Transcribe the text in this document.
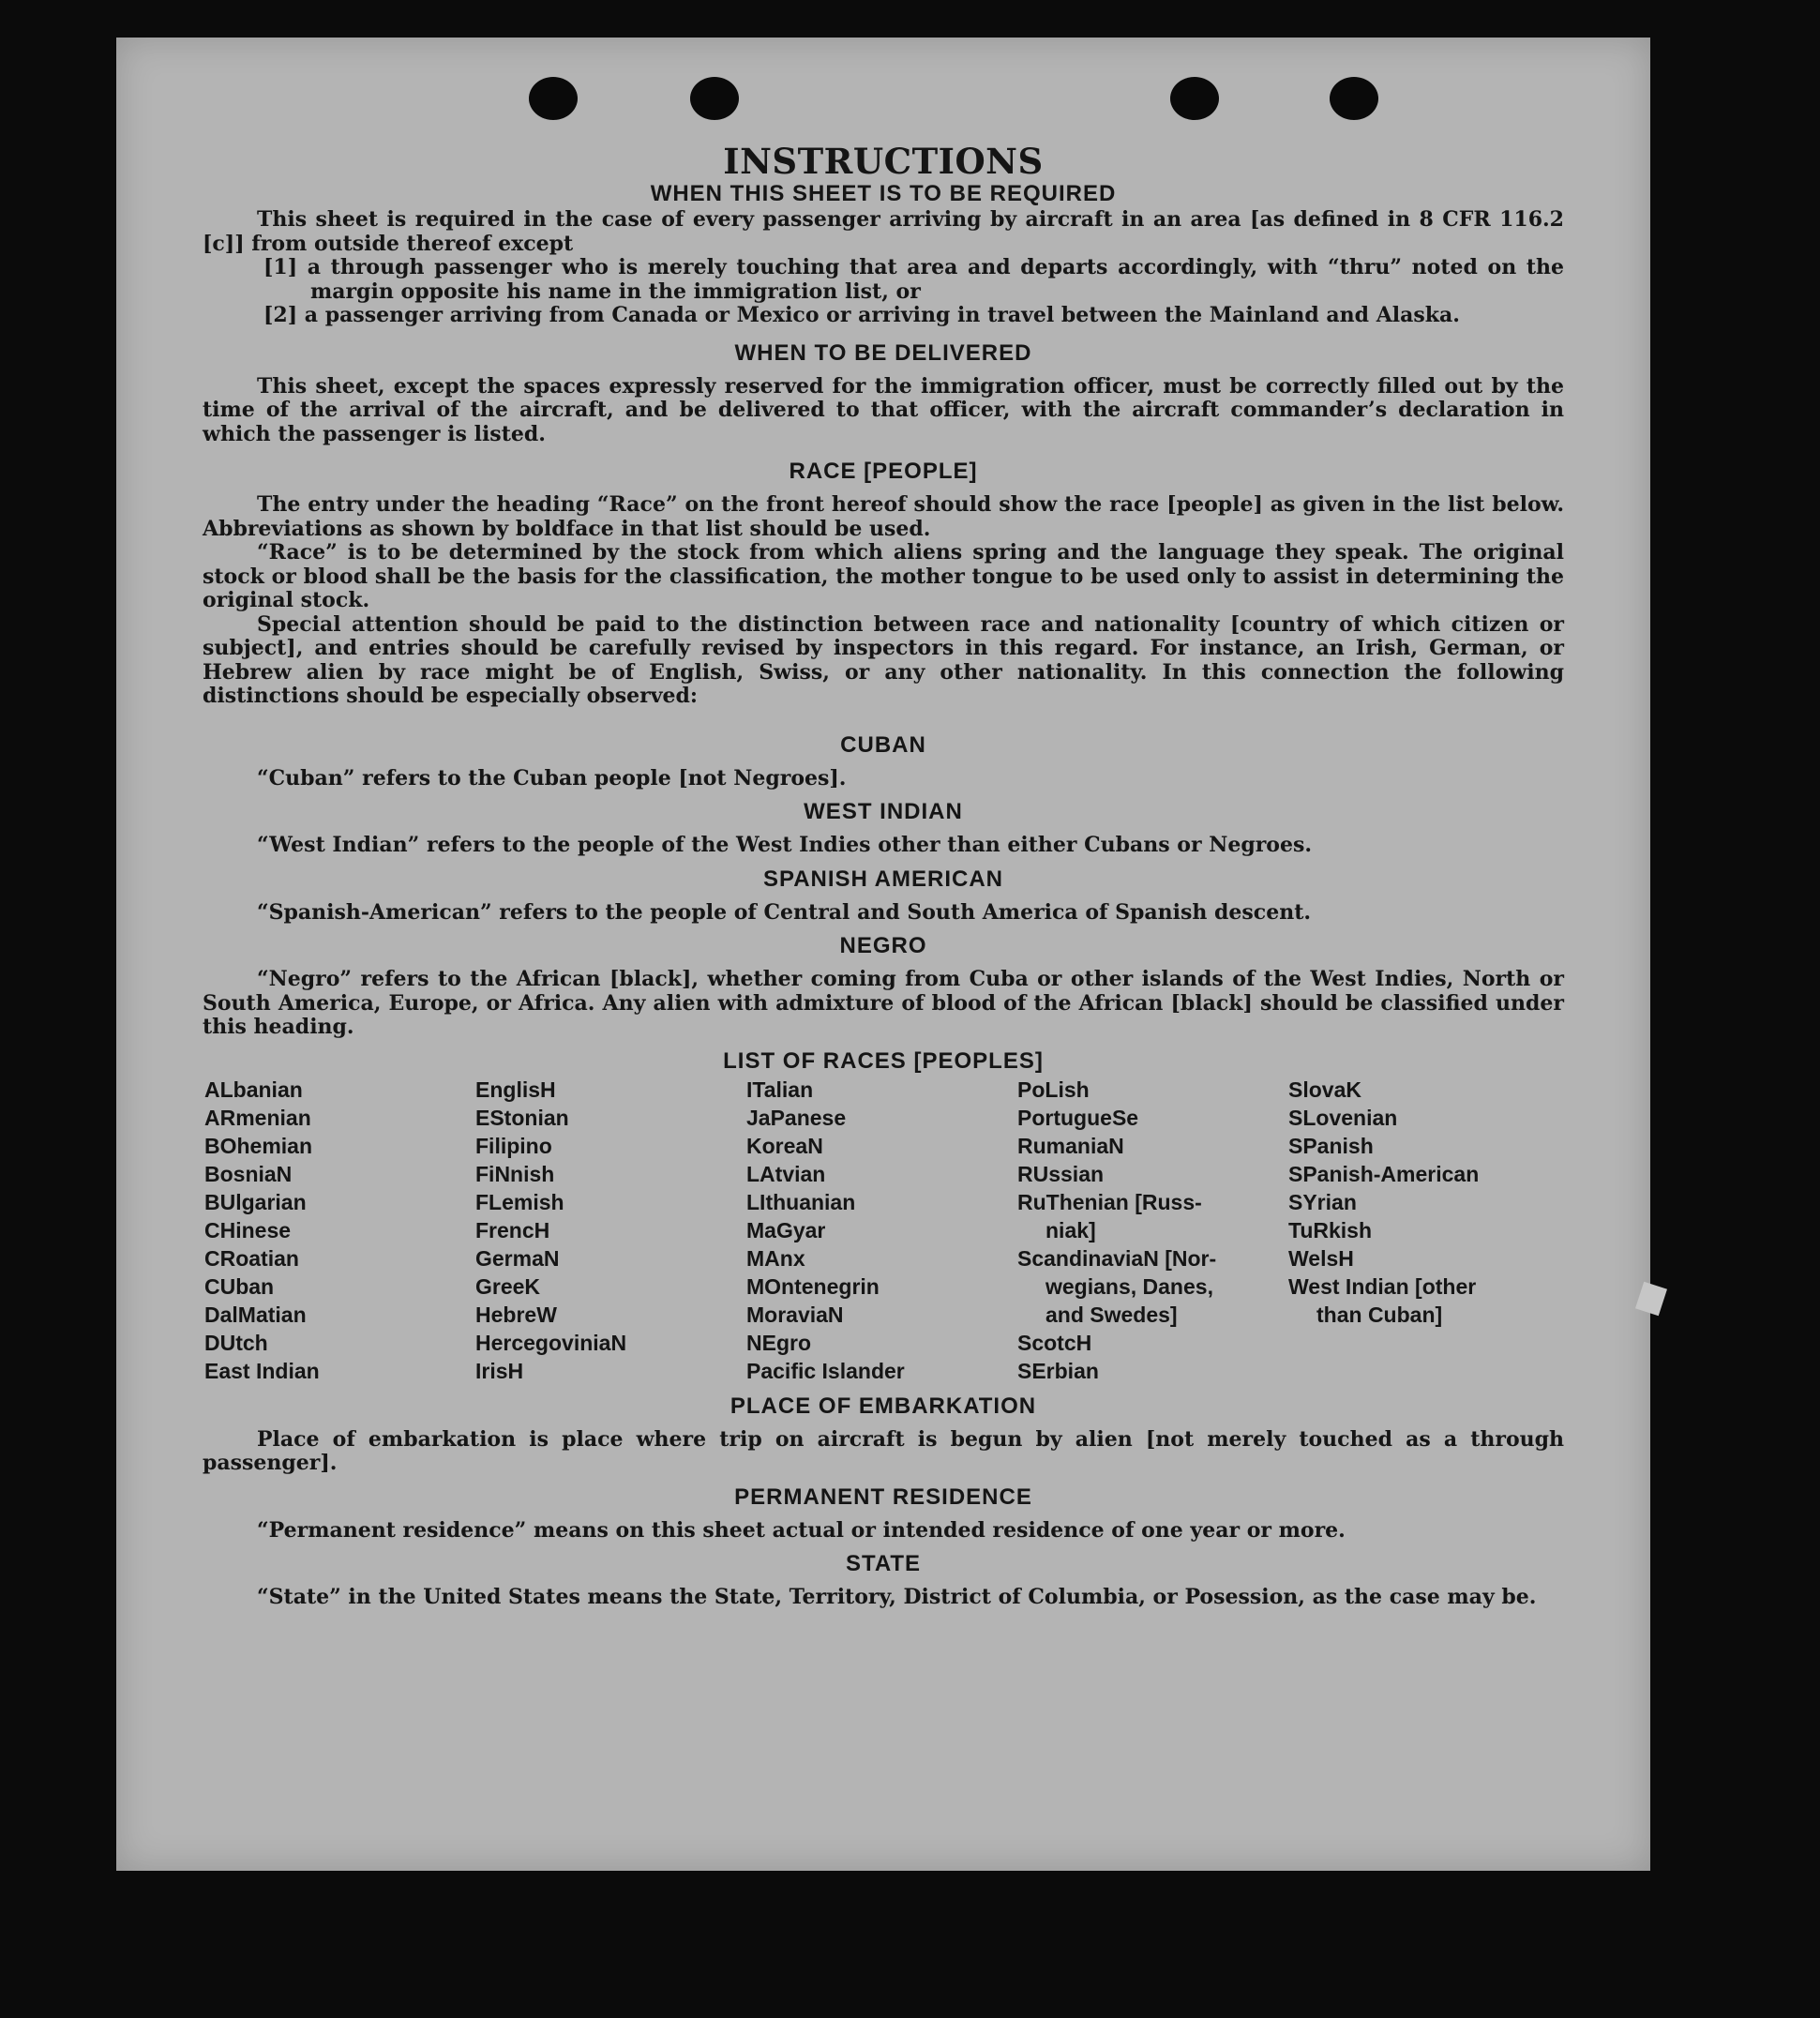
INSTRUCTIONS
WHEN THIS SHEET IS TO BE REQUIRED

This sheet is required in the case of every passenger arriving by aircraft in an area [as defined in 8 CFR 116.2 [c]] from outside thereof except

[1] a through passenger who is merely touching that area and departs accordingly, with “thru” noted on the margin opposite his name in the immigration list, or

[2] a passenger arriving from Canada or Mexico or arriving in travel between the Mainland and Alaska.

WHEN TO BE DELIVERED

This sheet, except the spaces expressly reserved for the immigration officer, must be correctly filled out by the time of the arrival of the aircraft, and be delivered to that officer, with the aircraft commander’s declaration in which the passenger is listed.

RACE [PEOPLE]

The entry under the heading “Race” on the front hereof should show the race [people] as given in the list below. Abbreviations as shown by boldface in that list should be used.

“Race” is to be determined by the stock from which aliens spring and the language they speak. The original stock or blood shall be the basis for the classification, the mother tongue to be used only to assist in determining the original stock.

Special attention should be paid to the distinction between race and nationality [country of which citizen or subject], and entries should be carefully revised by inspectors in this regard. For instance, an Irish, German, or Hebrew alien by race might be of English, Swiss, or any other nationality. In this connection the following distinctions should be especially observed:

CUBAN

“Cuban” refers to the Cuban people [not Negroes].

WEST INDIAN

“West Indian” refers to the people of the West Indies other than either Cubans or Negroes.

SPANISH AMERICAN

“Spanish-American” refers to the people of Central and South America of Spanish descent.

NEGRO

“Negro” refers to the African [black], whether coming from Cuba or other islands of the West Indies, North or South America, Europe, or Africa. Any alien with admixture of blood of the African [black] should be classified under this heading.

LIST OF RACES [PEOPLES]
ALbanian
ARmenian
BOhemian
BosniaN
BUlgarian
CHinese
CRoatian
CUban
DalMatian
DUtch
East Indian
EnglisH
EStonian
Filipino
FiNnish
FLemish
FrencH
GermaN
GreeK
HebreW
HercegoviniaN
IrisH
ITalian
JaPanese
KoreaN
LAtvian
LIthuanian
MaGyar
MAnx
MOntenegrin
MoraviaN
NEgro
Pacific Islander
PoLish
PortugueSe
RumaniaN
RUssian
RuThenian [Russ-
niak]
ScandinaviaN [Nor-
wegians, Danes,
and Swedes]
ScotcH
SErbian
SlovaK
SLovenian
SPanish
SPanish-American
SYrian
TuRkish
WelsH
West Indian [other
than Cuban]
PLACE OF EMBARKATION

Place of embarkation is place where trip on aircraft is begun by alien [not merely touched as a through passenger].

PERMANENT RESIDENCE

“Permanent residence” means on this sheet actual or intended residence of one year or more.

STATE

“State” in the United States means the State, Territory, District of Columbia, or Posession, as the case may be.
